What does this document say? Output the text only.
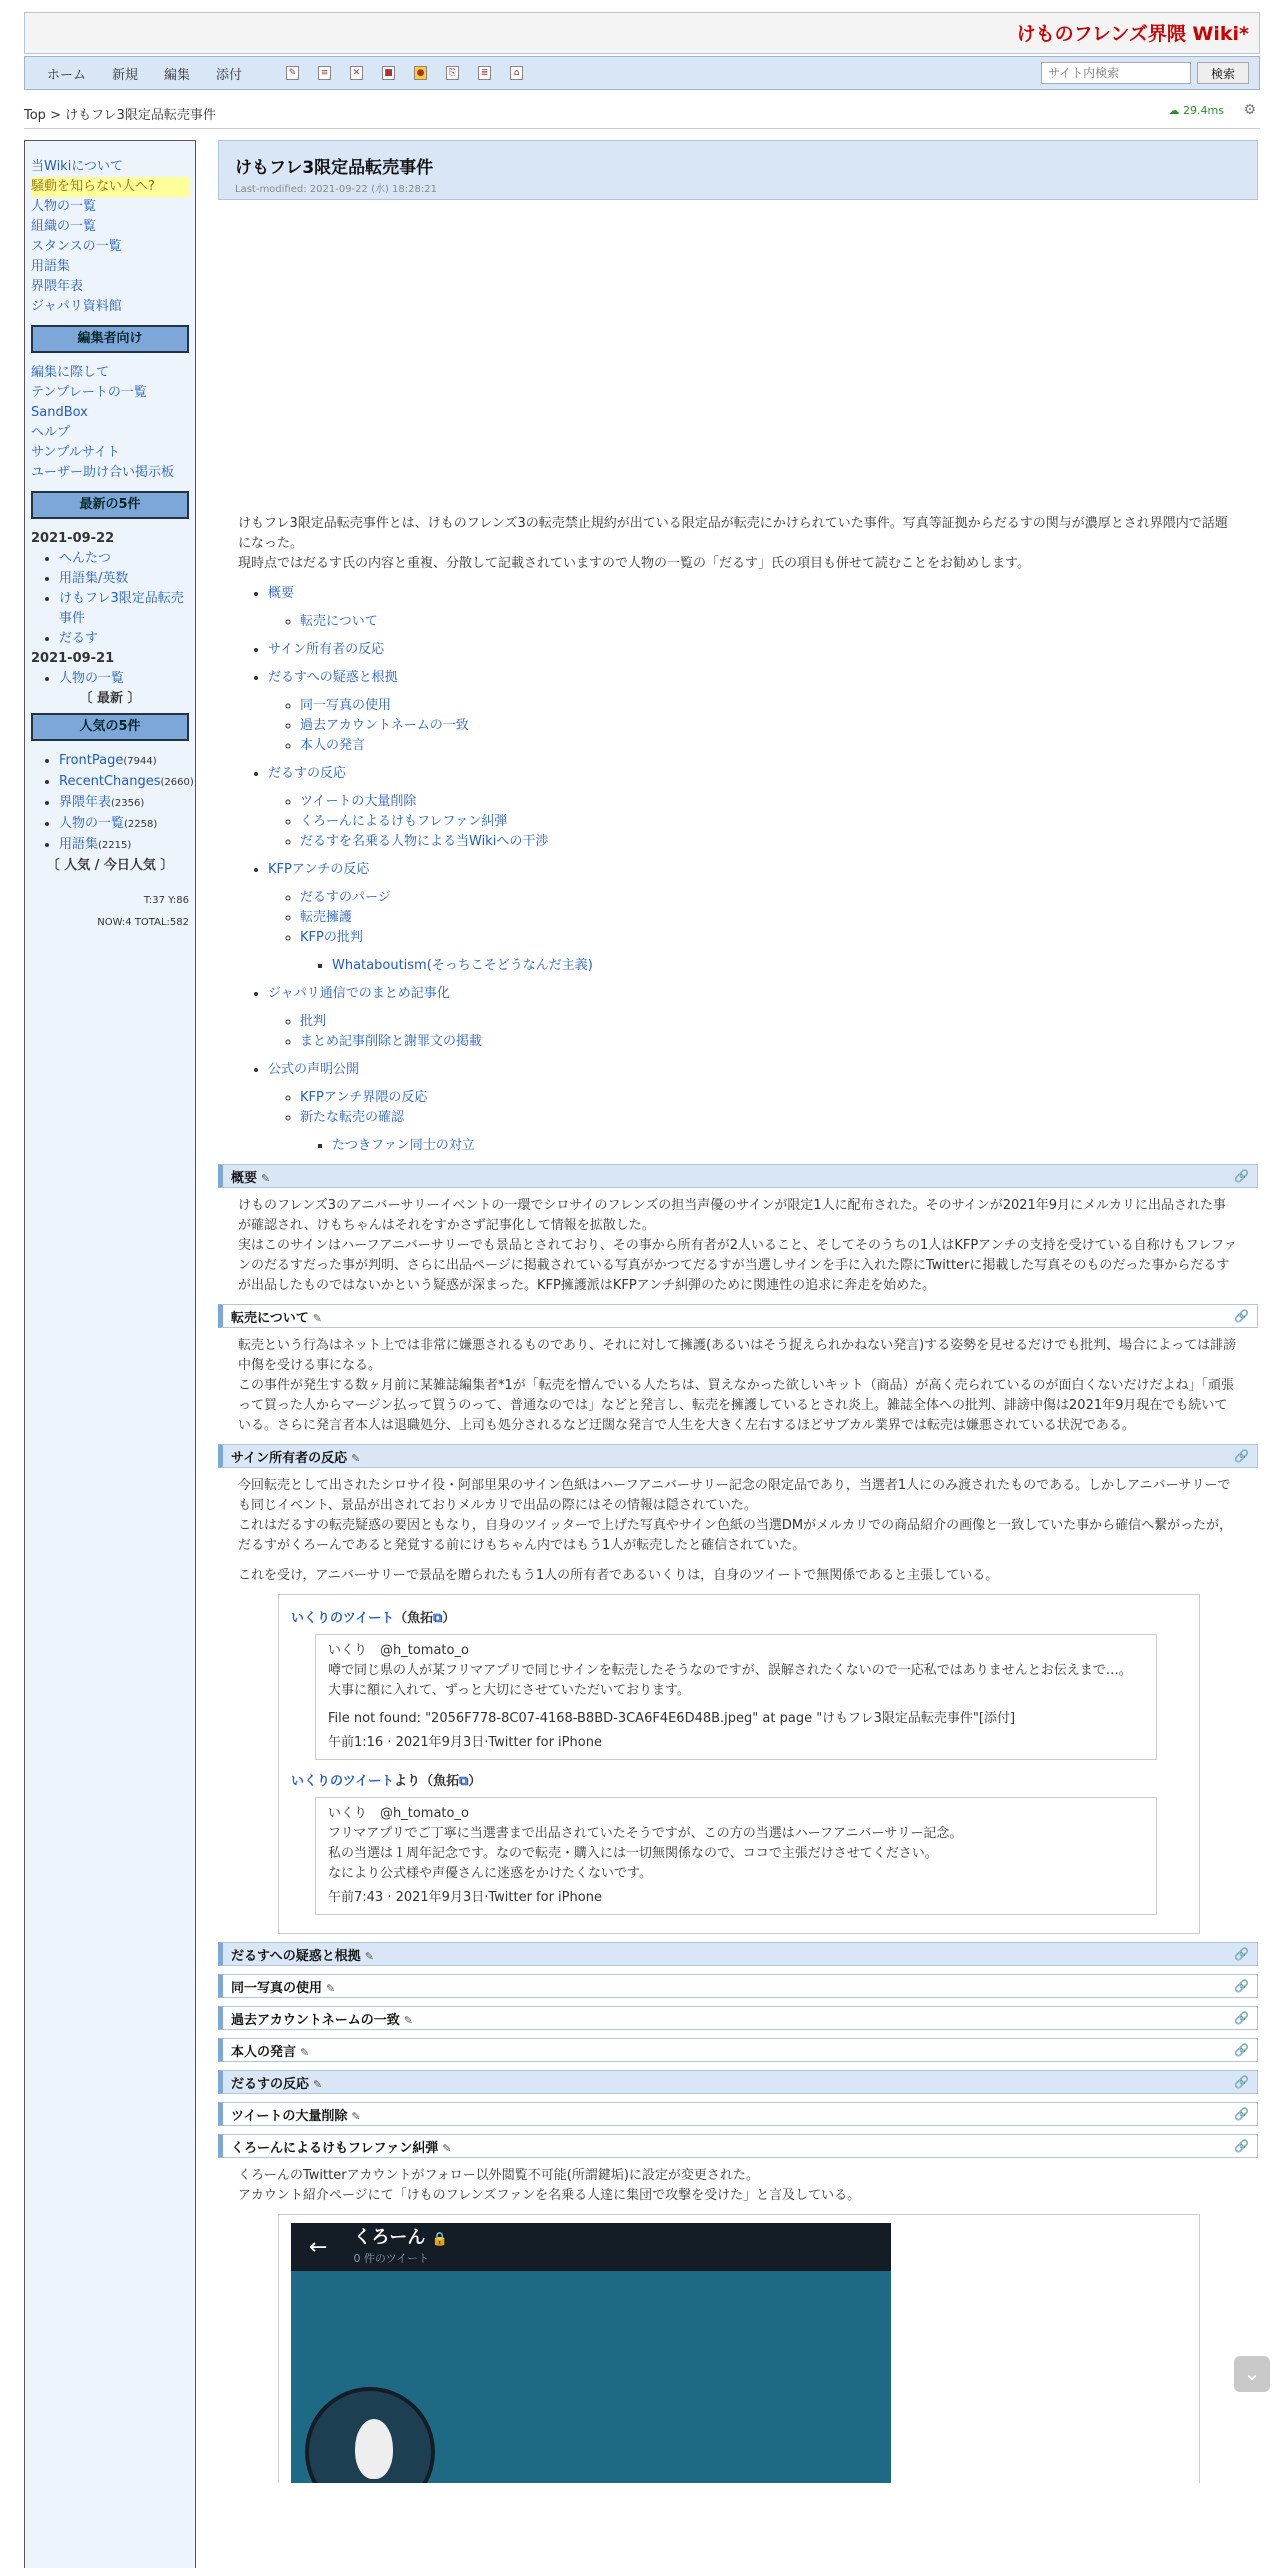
けものフレンズ界隈 Wiki*
ホーム 新規 編集 添付	✎	≡	✕	■	●	⎘	≣	⌂
サイト内検索	検索
Top > けもフレ3限定品転売事件	☁ 29.4ms ⚙
当Wikiについて
騒動を知らない人へ?
人物の一覧
組織の一覧
スタンスの一覧
用語集
界隈年表
ジャパリ資料館
編集者向け
編集に際して
テンプレートの一覧
SandBox
ヘルプ
サンプルサイト
ユーザー助け合い掲示板
最新の5件
2021-09-22
• へんたつ
• 用語集/英数
• けもフレ3限定品転売事件
• だるす
2021-09-21
• 人物の一覧
〔 最新 〕
人気の5件
• FrontPage(7944)
• RecentChanges(2660)
• 界隈年表(2356)
• 人物の一覧(2258)
• 用語集(2215)
〔 人気 / 今日人気 〕
T:37 Y:86
NOW:4 TOTAL:582
けもフレ3限定品転売事件
Last-modified: 2021-09-22 (水) 18:28:21

けもフレ3限定品転売事件とは、けものフレンズ3の転売禁止規約が出ている限定品が転売にかけられていた事件。写真等証拠からだるすの関与が濃厚とされ界隈内で話題になった。

現時点ではだるす氏の内容と重複、分散して記載されていますので人物の一覧の「だるす」氏の項目も併せて読むことをお勧めします。

• 概要
◦ 転売について
• サイン所有者の反応
• だるすへの疑惑と根拠
◦ 同一写真の使用
◦ 過去アカウントネームの一致
◦ 本人の発言
• だるすの反応
◦ ツイートの大量削除
◦ くろーんによるけもフレファン糾弾
◦ だるすを名乗る人物による当Wikiへの干渉
• KFPアンチの反応
◦ だるすのパージ
◦ 転売擁護
◦ KFPの批判
▪ Whataboutism(そっちこそどうなんだ主義)
• ジャパリ通信でのまとめ記事化
◦ 批判
◦ まとめ記事削除と謝罪文の掲載
• 公式の声明公開
◦ KFPアンチ界隈の反応
◦ 新たな転売の確認
▪ たつきファン同士の対立
概要 ✎	🔗

けものフレンズ3のアニバーサリーイベントの一環でシロサイのフレンズの担当声優のサインが限定1人に配布された。そのサインが2021年9月にメルカリに出品された事が確認され、けもちゃんはそれをすかさず記事化して情報を拡散した。

実はこのサインはハーフアニバーサリーでも景品とされており、その事から所有者が2人いること、そしてそのうちの1人はKFPアンチの支持を受けている自称けもフレファンのだるすだった事が判明、さらに出品ページに掲載されている写真がかつてだるすが当選しサインを手に入れた際にTwitterに掲載した写真そのものだった事からだるすが出品したものではないかという疑惑が深まった。KFP擁護派はKFPアンチ糾弾のために関連性の追求に奔走を始めた。

転売について ✎	🔗

転売という行為はネット上では非常に嫌悪されるものであり、それに対して擁護(あるいはそう捉えられかねない発言)する姿勢を見せるだけでも批判、場合によっては誹謗中傷を受ける事になる。

この事件が発生する数ヶ月前に某雑誌編集者*1が「転売を憎んでいる人たちは、買えなかった欲しいキット（商品）が高く売られているのが面白くないだけだよね」「頑張って買った人からマージン払って買うのって、普通なのでは」などと発言し、転売を擁護しているとされ炎上。雑誌全体への批判、誹謗中傷は2021年9月現在でも続いている。さらに発言者本人は退職処分、上司も処分されるなど迂闊な発言で人生を大きく左右するほどサブカル業界では転売は嫌悪されている状況である。

サイン所有者の反応 ✎	🔗

今回転売として出されたシロサイ役・阿部里果のサイン色紙はハーフアニバーサリー記念の限定品であり，当選者1人にのみ渡されたものである。しかしアニバーサリーでも同じイベント、景品が出されておりメルカリで出品の際にはその情報は隠されていた。

これはだるすの転売疑惑の要因ともなり，自身のツイッターで上げた写真やサイン色紙の当選DMがメルカリでの商品紹介の画像と一致していた事から確信へ繋がったが，だるすがくろーんであると発覚する前にけもちゃん内ではもう1人が転売したと確信されていた。

これを受け，アニバーサリーで景品を贈られたもう1人の所有者であるいくりは，自身のツイートで無関係であると主張している。

いくりのツイート（魚拓⧉）
いくり　@h_tomato_o
噂で同じ県の人が某フリマアプリで同じサインを転売したそうなのですが、誤解されたくないので一応私ではありませんとお伝えまで…。
大事に額に入れて、ずっと大切にさせていただいております。
File not found: "2056F778-8C07-4168-B8BD-3CA6F4E6D48B.jpeg" at page "けもフレ3限定品転売事件"[添付]
午前1:16 · 2021年9月3日·Twitter for iPhone
いくりのツイートより（魚拓⧉）
いくり　@h_tomato_o
フリマアプリでご丁寧に当選書まで出品されていたそうですが、この方の当選はハーフアニバーサリー記念。
私の当選は１周年記念です。なので転売・購入には一切無関係なので、ココで主張だけさせてください。
なにより公式様や声優さんに迷惑をかけたくないです。
午前7:43 · 2021年9月3日·Twitter for iPhone
だるすへの疑惑と根拠 ✎	🔗
同一写真の使用 ✎	🔗
過去アカウントネームの一致 ✎	🔗
本人の発言 ✎	🔗
だるすの反応 ✎	🔗
ツイートの大量削除 ✎	🔗
くろーんによるけもフレファン糾弾 ✎	🔗

くろーんのTwitterアカウントがフォロー以外閲覧不可能(所謂鍵垢)に設定が変更された。

アカウント紹介ページにて「けものフレンズファンを名乗る人達に集団で攻撃を受けた」と言及している。

← くろーん 🔒
0 件のツイート
⌄
